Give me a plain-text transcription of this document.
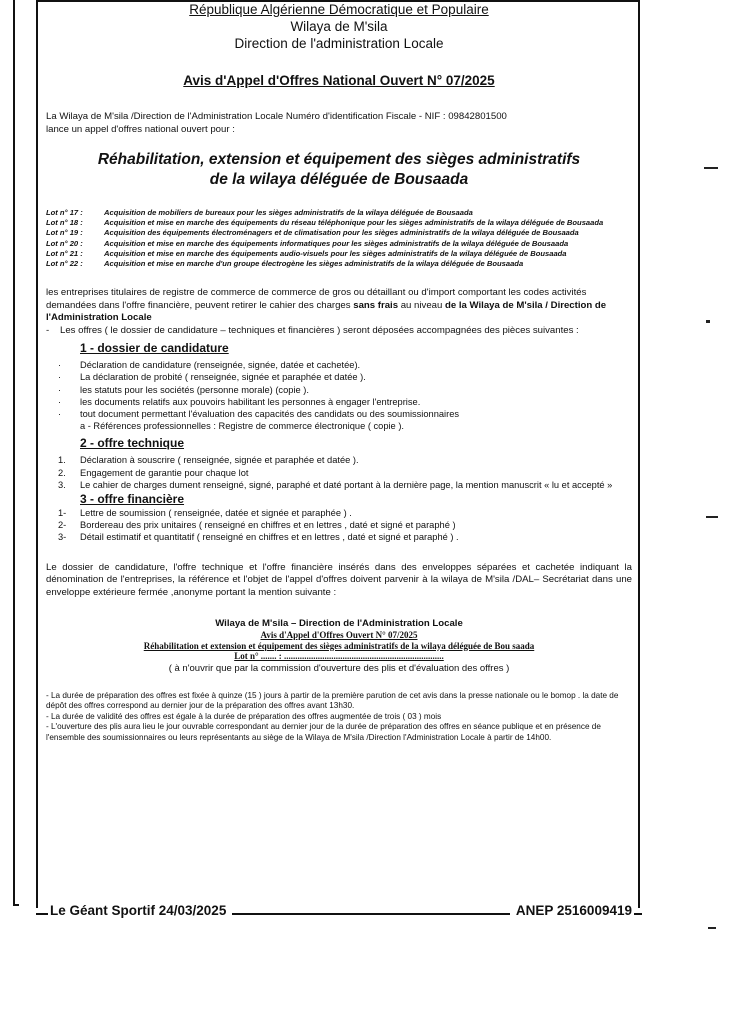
République Algérienne Démocratique et Populaire
Wilaya de M'sila
Direction de l'administration Locale
Avis d'Appel d'Offres National Ouvert N° 07/2025
La Wilaya de M'sila /Direction de l'Administration Locale Numéro d'identification Fiscale - NIF : 09842801500
lance un appel d'offres national ouvert pour :
Réhabilitation, extension et équipement des sièges administratifs
de la wilaya déléguée de Bousaada
Lot n° 17 :	Acquisition de mobiliers de bureaux pour les sièges administratifs de la wilaya déléguée de Bousaada
Lot n° 18 :	Acquisition et mise en marche des équipements du réseau téléphonique pour les sièges administratifs de la wilaya déléguée de Bousaada
Lot n° 19 :	Acquisition des équipements électroménagers et de climatisation pour les sièges administratifs de la wilaya déléguée de Bousaada
Lot n° 20 :	Acquisition et mise en marche des équipements informatiques pour les sièges administratifs de la wilaya déléguée de Bousaada
Lot n° 21 :	Acquisition et mise en marche des équipements audio-visuels pour les sièges administratifs de la wilaya déléguée de Bousaada
Lot n° 22 :	Acquisition et mise en marche d'un groupe électrogène les sièges administratifs de la wilaya déléguée de Bousaada
les entreprises titulaires de registre de commerce de commerce de gros ou détaillant ou d'import comportant les codes activités demandées dans l'offre financière, peuvent retirer le cahier des charges sans frais au niveau de la Wilaya de M'sila / Direction de l'Administration Locale
-	Les offres ( le dossier de candidature – techniques et financières ) seront déposées accompagnées des pièces suivantes :
1 - dossier de candidature
·	Déclaration de candidature (renseignée, signée, datée et cachetée).
·	La déclaration de probité ( renseignée, signée et paraphée et datée ).
·	les statuts pour les sociétés (personne morale) (copie ).
·	les documents relatifs aux pouvoirs habilitant les personnes à engager l'entreprise.
·	tout document permettant l'évaluation des capacités des candidats ou des soumissionnaires
a - Références professionnelles : Registre de commerce électronique ( copie ).
2 - offre technique
1.	Déclaration à souscrire ( renseignée, signée et paraphée et datée ).
2.	Engagement de garantie pour chaque lot
3.	Le cahier de charges dument renseigné, signé, paraphé et daté portant à la dernière page, la mention manuscrit « lu et accepté »
3 - offre financière
1-	Lettre de soumission ( renseignée, datée et signée et paraphée ) .
2-	Bordereau des prix unitaires ( renseigné en chiffres et en lettres , daté et signé et paraphé )
3-	Détail estimatif et quantitatif ( renseigné en chiffres et en lettres , daté et signé et paraphé ) .
Le dossier de candidature, l'offre technique et l'offre financière insérés dans des enveloppes séparées et cachetée indiquant la dénomination de l'entreprises, la référence et l'objet de l'appel d'offres doivent parvenir à la wilaya de M'sila /DAL– Secrétariat dans une enveloppe extérieure fermée ,anonyme portant la mention suivante :
Wilaya de M'sila – Direction de l'Administration Locale
Avis d'Appel d'Offres Ouvert N° 07/2025
Réhabilitation et extension et équipement des sièges administratifs de la wilaya déléguée de Bou saada
Lot n° ....... : .......................................................................
( à n'ouvrir que par la commission d'ouverture des plis et d'évaluation des offres )
- La durée de préparation des offres est fixée à quinze (15 ) jours à partir de la première parution de cet avis dans la presse nationale ou le bomop . la date de dépôt des offres correspond au dernier jour de la préparation des offres avant 13h30.
- La durée de validité des offres est égale à la durée de préparation des offres augmentée de trois ( 03 ) mois
- L'ouverture des plis aura lieu le jour ouvrable correspondant au dernier jour de la durée de préparation des offres en séance publique et en présence de l'ensemble des soumissionnaires ou leurs représentants au siège de la Wilaya de M'sila /Direction l'Administration Locale à partir de 14h00.
Le Géant Sportif 24/03/2025	ANEP 2516009419
